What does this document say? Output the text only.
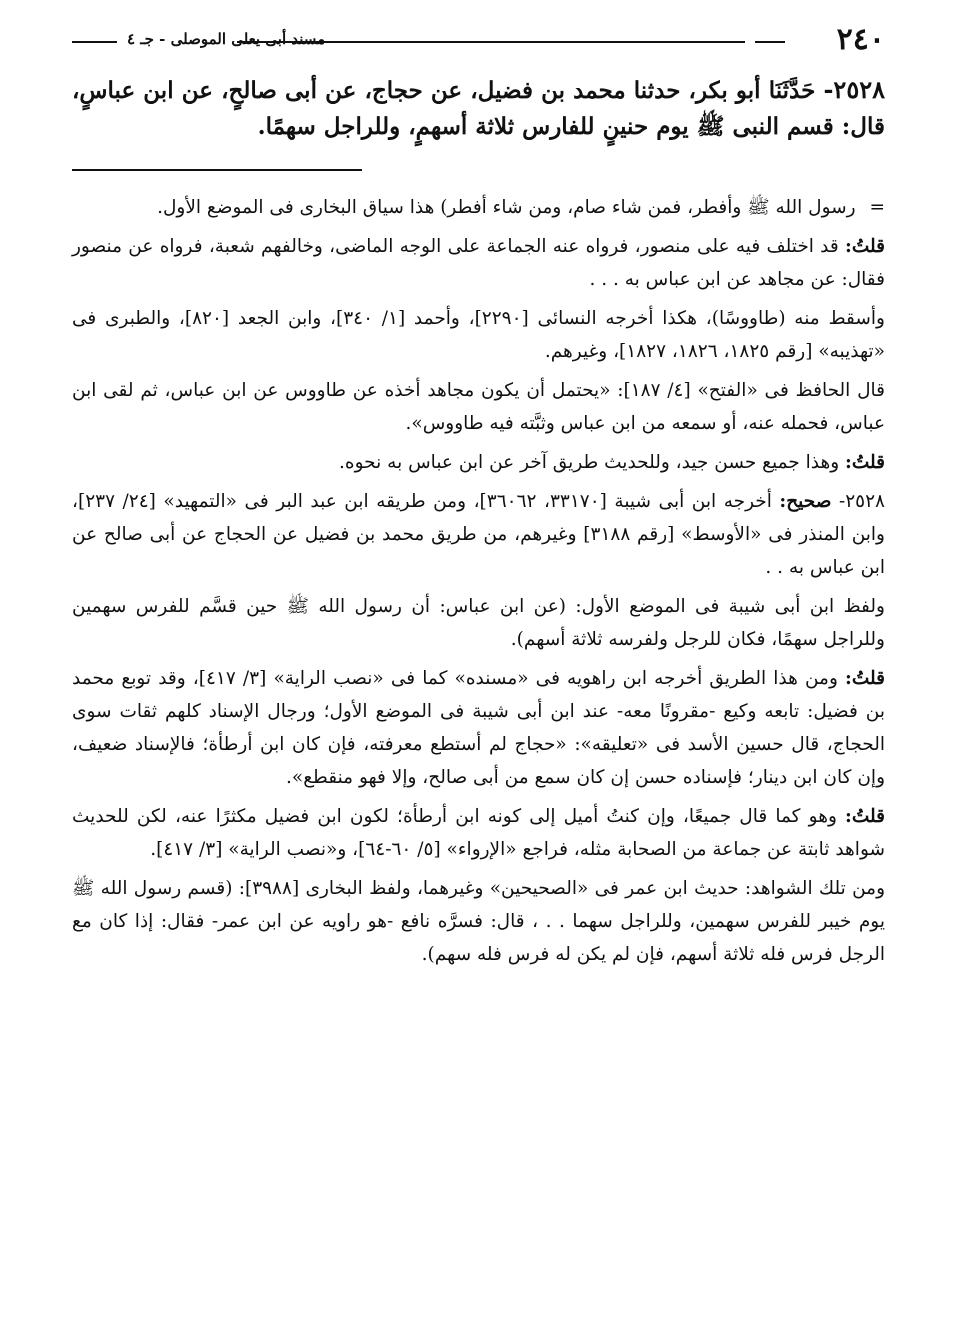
٢٤٠
مسند أبى يعلى الموصلى - جـ ٤
٢٥٢٨- حَدَّثَنَا أبو بكر، حدثنا محمد بن فضيل، عن حجاج، عن أبى صالحٍ، عن ابن عباسٍ، قال: قسم النبى ﷺ يوم حنينٍ للفارس ثلاثة أسهمٍ، وللراجل سهمًا.

= رسول الله ﷺ وأفطر، فمن شاء صام، ومن شاء أفطر) هذا سياق البخارى فى الموضع الأول.

قلتُ: قد اختلف فيه على منصور، فرواه عنه الجماعة على الوجه الماضى، وخالفهم شعبة، فرواه عن منصور فقال: عن مجاهد عن ابن عباس به . . .

وأسقط منه (طاووسًا)، هكذا أخرجه النسائى [٢٢٩٠]، وأحمد [١/ ٣٤٠]، وابن الجعد [٨٢٠]، والطبرى فى «تهذيبه» [رقم ١٨٢٥، ١٨٢٦، ١٨٢٧]، وغيرهم.

قال الحافظ فى «الفتح» [٤/ ١٨٧]: «يحتمل أن يكون مجاهد أخذه عن طاووس عن ابن عباس، ثم لقى ابن عباس، فحمله عنه، أو سمعه من ابن عباس وثبَّته فيه طاووس».

قلتُ: وهذا جميع حسن جيد، وللحديث طريق آخر عن ابن عباس به نحوه.

٢٥٢٨- صحيح: أخرجه ابن أبى شيبة [٣٣١٧٠، ٣٦٠٦٢]، ومن طريقه ابن عبد البر فى «التمهيد» [٢٤/ ٢٣٧]، وابن المنذر فى «الأوسط» [رقم ٣١٨٨] وغيرهم، من طريق محمد بن فضيل عن الحجاج عن أبى صالح عن ابن عباس به . .

ولفظ ابن أبى شيبة فى الموضع الأول: (عن ابن عباس: أن رسول الله ﷺ حين قسَّم للفرس سهمين وللراجل سهمًا، فكان للرجل ولفرسه ثلاثة أسهم).

قلتُ: ومن هذا الطريق أخرجه ابن راهويه فى «مسنده» كما فى «نصب الراية» [٣/ ٤١٧]، وقد توبع محمد بن فضيل: تابعه وكيع -مقرونًا معه- عند ابن أبى شيبة فى الموضع الأول؛ ورجال الإسناد كلهم ثقات سوى الحجاج، قال حسين الأسد فى «تعليقه»: «حجاج لم أستطع معرفته، فإن كان ابن أرطأة؛ فالإسناد ضعيف، وإن كان ابن دينار؛ فإسناده حسن إن كان سمع من أبى صالح، وإلا فهو منقطع».

قلتُ: وهو كما قال جميعًا، وإن كنتُ أميل إلى كونه ابن أرطأة؛ لكون ابن فضيل مكثرًا عنه، لكن للحديث شواهد ثابتة عن جماعة من الصحابة مثله، فراجع «الإرواء» [٥/ ٦٠-٦٤]، و«نصب الراية» [٣/ ٤١٧].

ومن تلك الشواهد: حديث ابن عمر فى «الصحيحين» وغيرهما، ولفظ البخارى [٣٩٨٨]: (قسم رسول الله ﷺ يوم خيبر للفرس سهمين، وللراجل سهما . . ، قال: فسرَّه نافع -هو راويه عن ابن عمر- فقال: إذا كان مع الرجل فرس فله ثلاثة أسهم، فإن لم يكن له فرس فله سهم).
